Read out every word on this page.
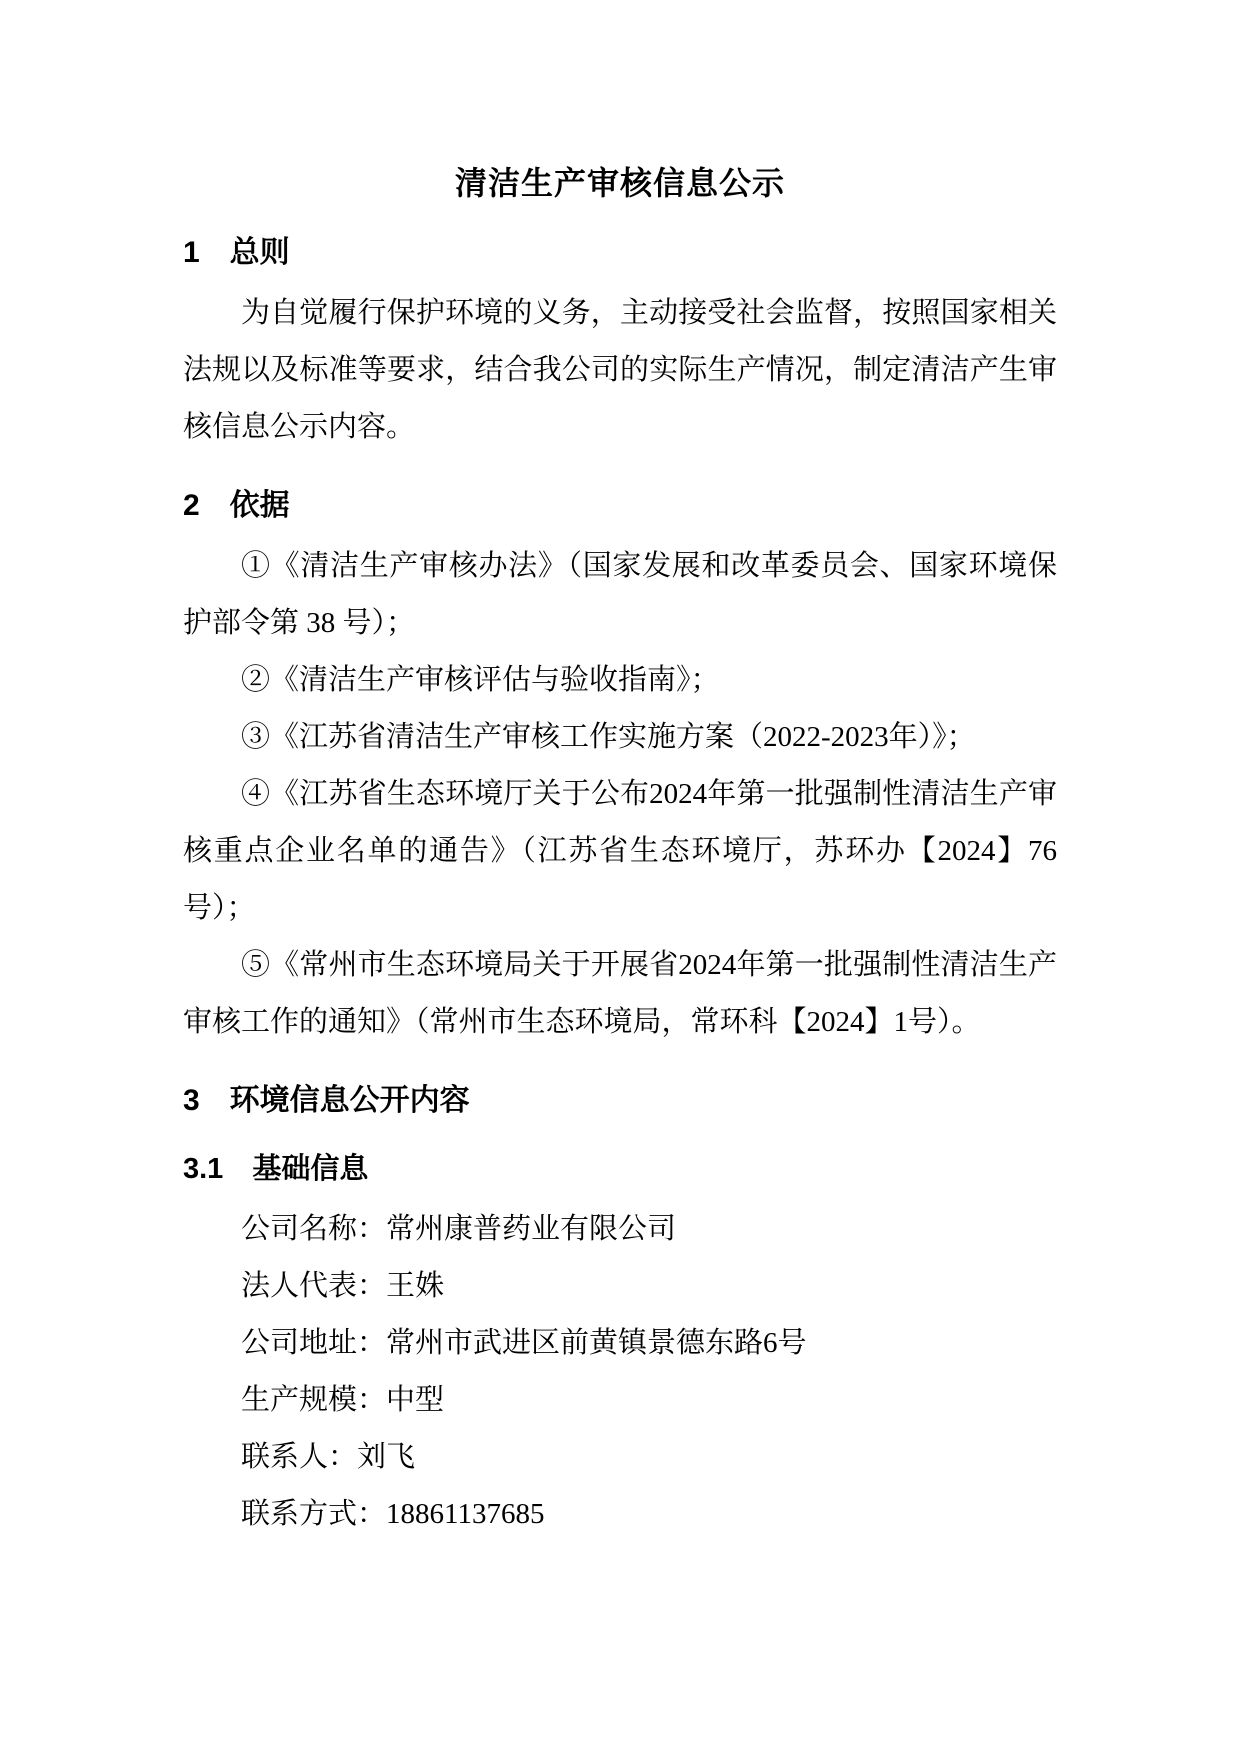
清洁生产审核信息公示
1　总则

为自觉履行保护环境的义务，主动接受社会监督，按照国家相关法规以及标准等要求，结合我公司的实际生产情况，制定清洁产生审核信息公示内容。

2　依据

①《清洁生产审核办法》（国家发展和改革委员会、国家环境保护部令第 38 号）；

②《清洁生产审核评估与验收指南》；

③《江苏省清洁生产审核工作实施方案（2022-2023年）》；

④《江苏省生态环境厅关于公布2024年第一批强制性清洁生产审核重点企业名单的通告》（江苏省生态环境厅，苏环办【2024】76号）；

⑤《常州市生态环境局关于开展省2024年第一批强制性清洁生产审核工作的通知》（常州市生态环境局，常环科【2024】1号）。

3　环境信息公开内容
3.1　基础信息

公司名称：常州康普药业有限公司

法人代表：王姝

公司地址：常州市武进区前黄镇景德东路6号

生产规模：中型

联系人：刘飞

联系方式：18861137685
